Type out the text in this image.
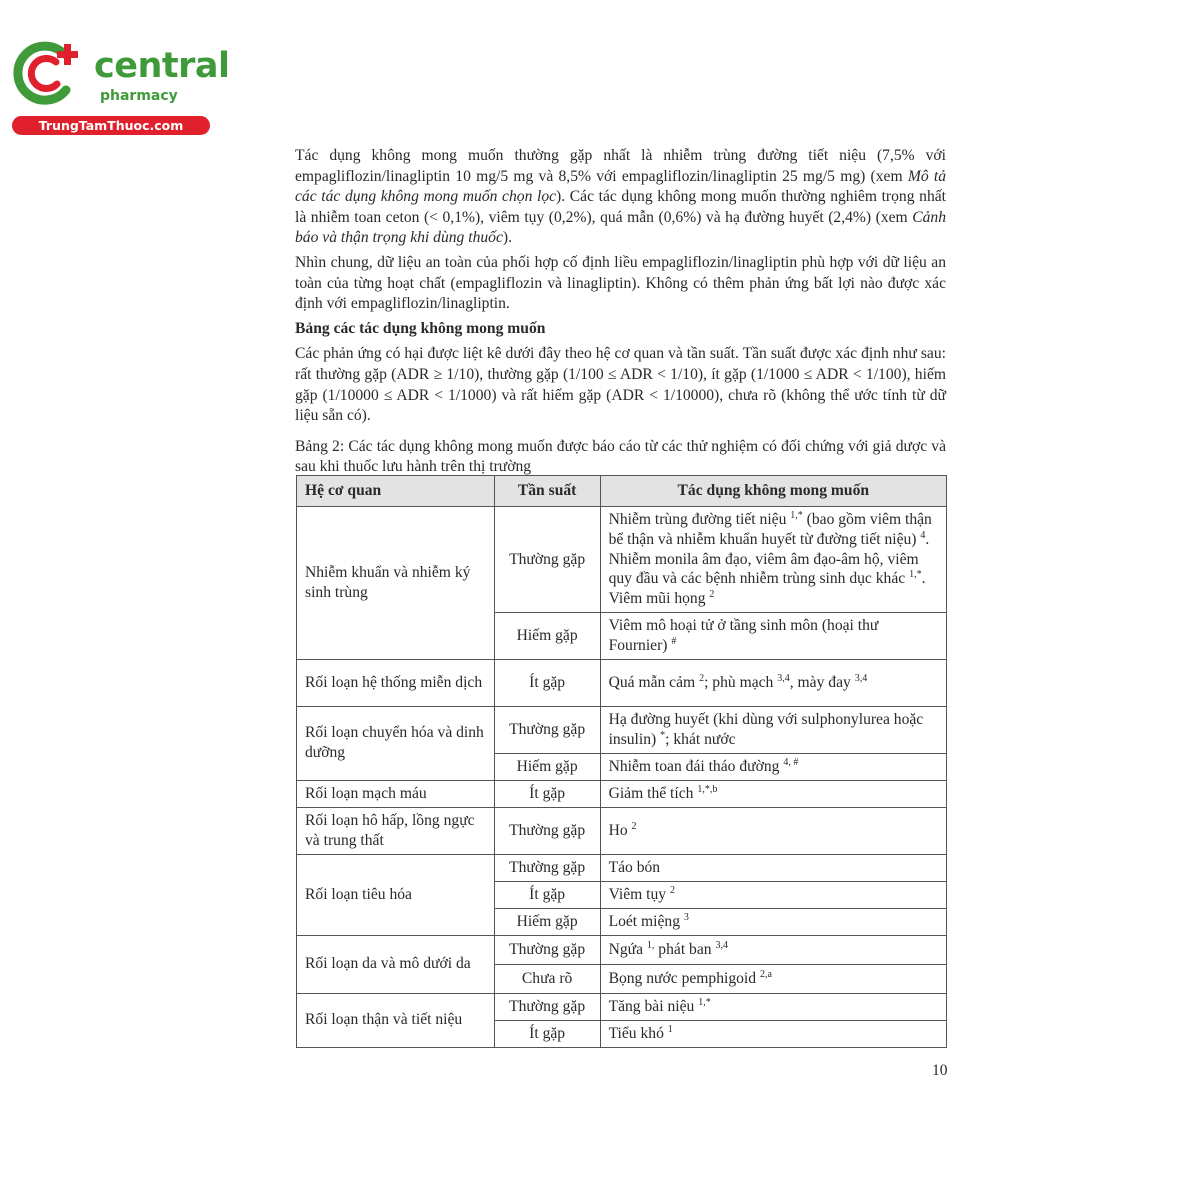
central
pharmacy
TrungTamThuoc.com

Tác dụng không mong muốn thường gặp nhất là nhiễm trùng đường tiết niệu (7,5% với empagliflozin/linagliptin 10 mg/5 mg và 8,5% với empagliflozin/linagliptin 25 mg/5 mg) (xem Mô tả các tác dụng không mong muốn chọn lọc). Các tác dụng không mong muốn thường nghiêm trọng nhất là nhiễm toan ceton (< 0,1%), viêm tụy (0,2%), quá mẫn (0,6%) và hạ đường huyết (2,4%) (xem Cảnh báo và thận trọng khi dùng thuốc).

Nhìn chung, dữ liệu an toàn của phối hợp cố định liều empagliflozin/linagliptin phù hợp với dữ liệu an toàn của từng hoạt chất (empagliflozin và linagliptin). Không có thêm phản ứng bất lợi nào được xác định với empagliflozin/linagliptin.

Bảng các tác dụng không mong muốn

Các phản ứng có hại được liệt kê dưới đây theo hệ cơ quan và tần suất. Tần suất được xác định như sau: rất thường gặp (ADR ≥ 1/10), thường gặp (1/100 ≤ ADR < 1/10), ít gặp (1/1000 ≤ ADR < 1/100), hiếm gặp (1/10000 ≤ ADR < 1/1000) và rất hiếm gặp (ADR < 1/10000), chưa rõ (không thể ước tính từ dữ liệu sẵn có).

Bảng 2: Các tác dụng không mong muốn được báo cáo từ các thử nghiệm có đối chứng với giả dược và sau khi thuốc lưu hành trên thị trường

Hệ cơ quan	Tần suất	Tác dụng không mong muốn
Nhiễm khuẩn và nhiễm ký sinh trùng	Thường gặp	Nhiễm trùng đường tiết niệu $^{1,*}$ (bao gồm viêm thận bể thận và nhiễm khuẩn huyết từ đường tiết niệu) $^4$. Nhiễm monila âm đạo, viêm âm đạo-âm hộ, viêm quy đầu và các bệnh nhiễm trùng sinh dục khác $^{1,*}$. Viêm mũi họng $^2$
	Hiếm gặp	Viêm mô hoại tử ở tầng sinh môn (hoại thư Fournier) #
Rối loạn hệ thống miễn dịch	Ít gặp	Quá mẫn cảm $^2$; phù mạch $^{3,4}$, mày đay $^{3,4}$
Rối loạn chuyển hóa và dinh dưỡng	Thường gặp	Hạ đường huyết (khi dùng với sulphonylurea hoặc insulin) *; khát nước
	Hiếm gặp	Nhiễm toan đái tháo đường $^{4, \#}$
Rối loạn mạch máu	Ít gặp	Giảm thể tích $^{1,*,b}$
Rối loạn hô hấp, lồng ngực và trung thất	Thường gặp	Ho $^2$
Rối loạn tiêu hóa	Thường gặp	Táo bón
	Ít gặp	Viêm tụy $^2$
	Hiếm gặp	Loét miệng $^3$
Rối loạn da và mô dưới da	Thường gặp	Ngứa $^{1,}$ phát ban $^{3,4}$
	Chưa rõ	Bọng nước pemphigoid $^{2,a}$
Rối loạn thận và tiết niệu	Thường gặp	Tăng bài niệu $^{1,*}$
	Ít gặp	Tiểu khó $^1$
10
